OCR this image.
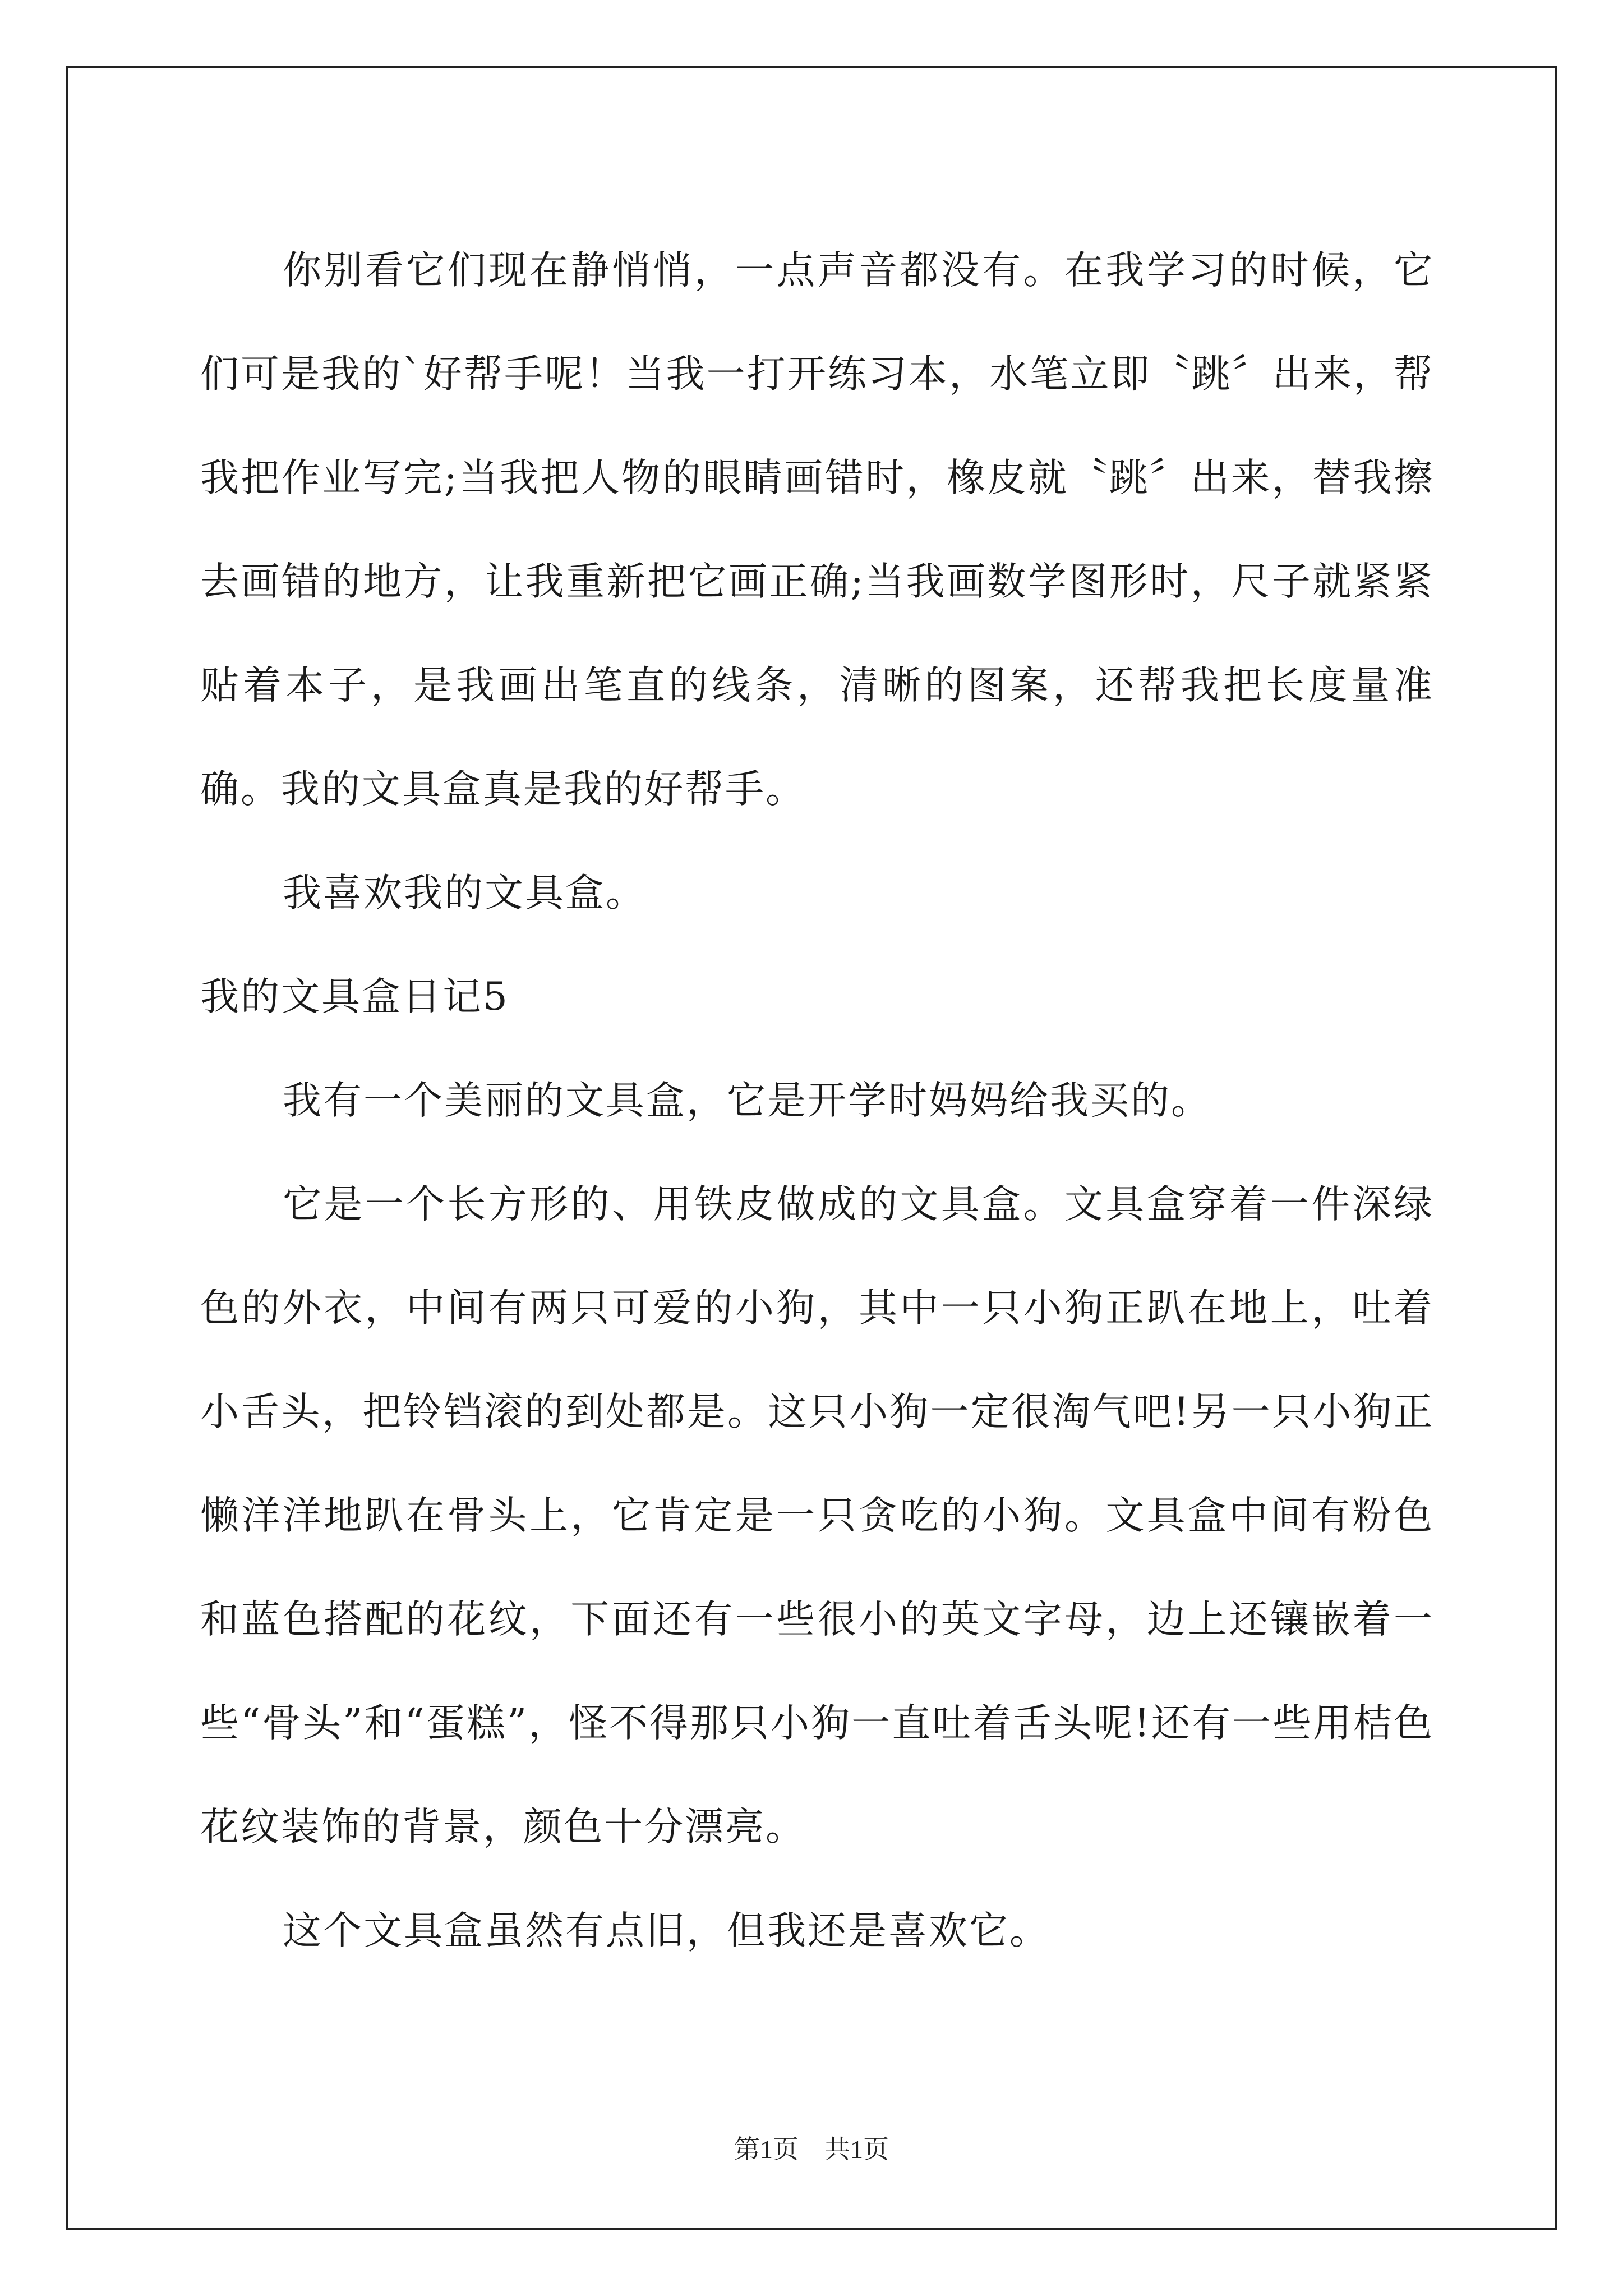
你别看它们现在静悄悄，一点声音都没有。在我学习的时候，它们可是我的`好帮手呢！当我一打开练习本，水笔立即〝跳〞出来，帮我把作业写完;当我把人物的眼睛画错时，橡皮就〝跳〞出来，替我擦去画错的地方，让我重新把它画正确;当我画数学图形时，尺子就紧紧贴着本子，是我画出笔直的线条，清晰的图案，还帮我把长度量准确。我的文具盒真是我的好帮手。

我喜欢我的文具盒。

我的文具盒日记5

我有一个美丽的文具盒，它是开学时妈妈给我买的。

它是一个长方形的、用铁皮做成的文具盒。文具盒穿着一件深绿色的外衣，中间有两只可爱的小狗，其中一只小狗正趴在地上，吐着小舌头，把铃铛滚的到处都是。这只小狗一定很淘气吧!另一只小狗正懒洋洋地趴在骨头上，它肯定是一只贪吃的小狗。文具盒中间有粉色和蓝色搭配的花纹，下面还有一些很小的英文字母，边上还镶嵌着一些“骨头”和“蛋糕”，怪不得那只小狗一直吐着舌头呢!还有一些用桔色花纹装饰的背景，颜色十分漂亮。

这个文具盒虽然有点旧，但我还是喜欢它。

第1页 共1页
